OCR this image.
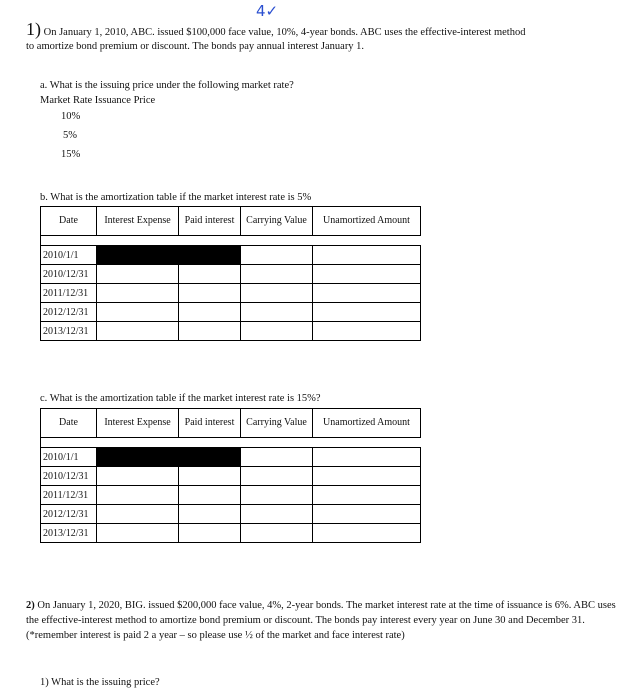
4✓
1) On January 1, 2010, ABC. issued $100,000 face value, 10%, 4-year bonds. ABC uses the effective-interest method
to amortize bond premium or discount. The bonds pay annual interest January 1.
a. What is the issuing price under the following market rate?
Market Rate Issuance Price
10%
5%
15%
b. What is the amortization table if the market interest rate is 5%
Date	Interest Expense	Paid interest	Carrying Value	Unamortized Amount

2010/1/1				
2010/12/31				
2011/12/31				
2012/12/31				
2013/12/31				
c. What is the amortization table if the market interest rate is 15%?
Date	Interest Expense	Paid interest	Carrying Value	Unamortized Amount

2010/1/1				
2010/12/31				
2011/12/31				
2012/12/31				
2013/12/31				
2) On January 1, 2020, BIG. issued $200,000 face value, 4%, 2-year bonds. The market interest rate at the time of issuance is 6%. ABC uses the effective-interest method to amortize bond premium or discount. The bonds pay interest every year on June 30 and December 31. (*remember interest is paid 2 a year – so please use ½ of the market and face interest rate)
1) What is the issuing price?
